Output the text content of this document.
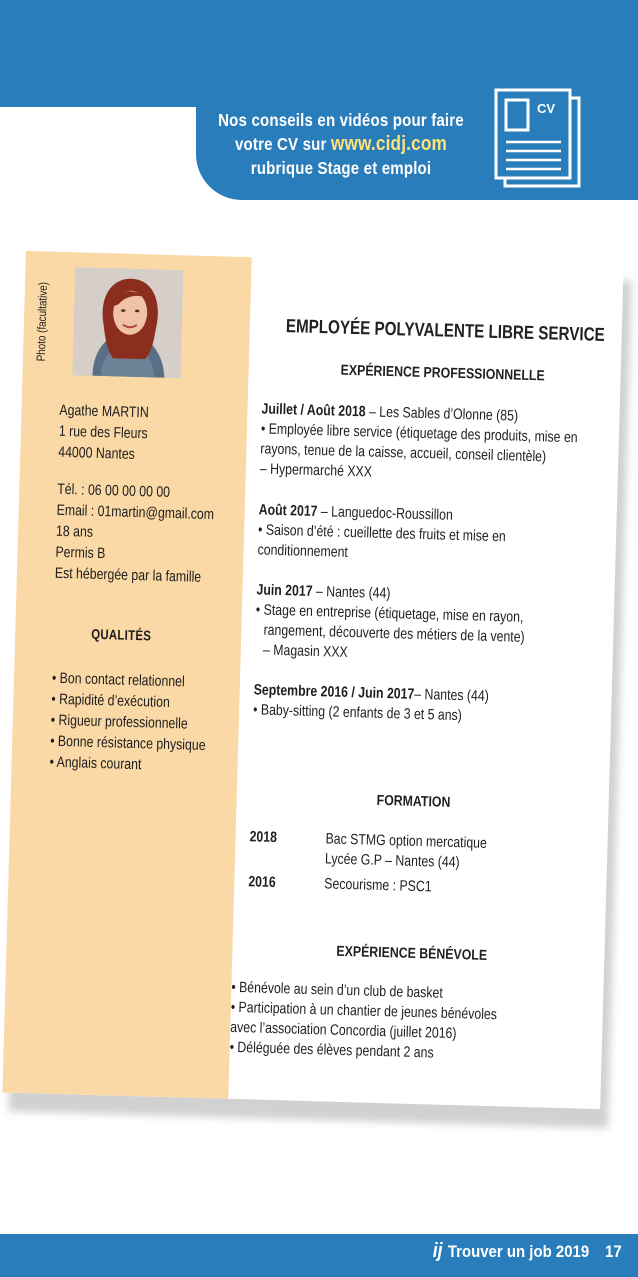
Nos conseils en vidéos pour faire
votre CV sur www.cidj.com
rubrique Stage et emploi
CV
Photo (facultative)
Agathe MARTIN
1 rue des Fleurs
44000 Nantes
Tél. : 06 00 00 00 00
Email : 01martin@gmail.com
18 ans
Permis B
Est hébergée par la famille
QUALITÉS
• Bon contact relationnel
• Rapidité d’exécution
• Rigueur professionnelle
• Bonne résistance physique
• Anglais courant
EMPLOYÉE POLYVALENTE LIBRE SERVICE
EXPÉRIENCE PROFESSIONNELLE
Juillet / Août 2018 – Les Sables d’Olonne (85)
• Employée libre service (étiquetage des produits, mise en
rayons, tenue de la caisse, accueil, conseil clientèle)
– Hypermarché XXX
Août 2017 – Languedoc-Roussillon
• Saison d’été : cueillette des fruits et mise en
conditionnement
Juin 2017 – Nantes (44)
• Stage en entreprise (étiquetage, mise en rayon,
rangement, découverte des métiers de la vente)
– Magasin XXX
Septembre 2016 / Juin 2017– Nantes (44)
• Baby-sitting (2 enfants de 3 et 5 ans)
FORMATION
2018	Bac STMG option mercatique
Lycée G.P – Nantes (44)
2016	Secourisme : PSC1
EXPÉRIENCE BÉNÉVOLE
• Bénévole au sein d’un club de basket
• Participation à un chantier de jeunes bénévoles
avec l’association Concordia (juillet 2016)
• Déléguée des élèves pendant 2 ans
ij Trouver un job 2019 17
